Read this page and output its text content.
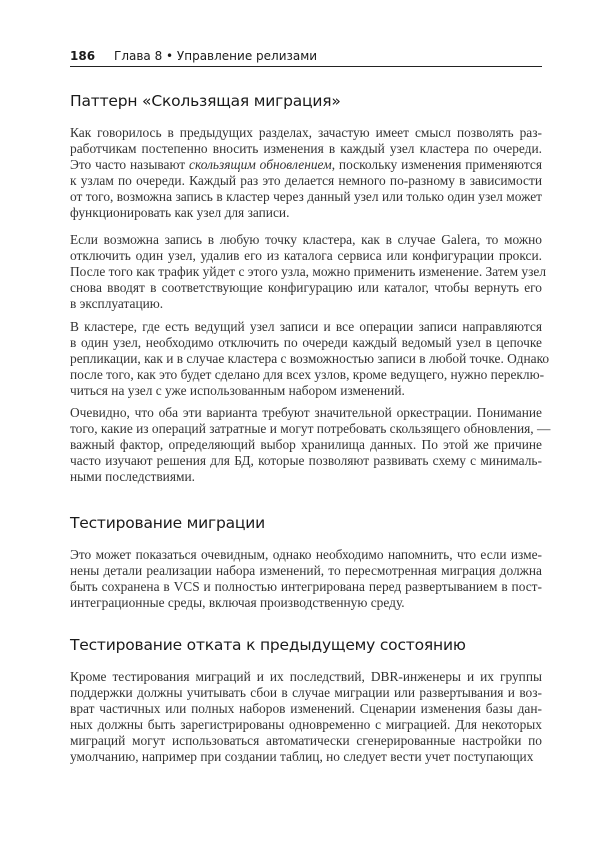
186 Глава 8 • Управление релизами
Паттерн «Скользящая миграция»
Как говорилось в предыдущих разделах, зачастую имеет смысл позволять раз-
работчикам постепенно вносить изменения в каждый узел кластера по очереди.
Это часто называют скользящим обновлением, поскольку изменения применяются
к узлам по очереди. Каждый раз это делается немного по-разному в зависимости
от того, возможна запись в кластер через данный узел или только один узел может
функционировать как узел для записи.
Если возможна запись в любую точку кластера, как в случае Galera, то можно
отключить один узел, удалив его из каталога сервиса или конфигурации прокси.
После того как трафик уйдет с этого узла, можно применить изменение. Затем узел
снова вводят в соответствующие конфигурацию или каталог, чтобы вернуть его
в эксплуатацию.
В кластере, где есть ведущий узел записи и все операции записи направляются
в один узел, необходимо отключить по очереди каждый ведомый узел в цепочке
репликации, как и в случае кластера с возможностью записи в любой точке. Однако
после того, как это будет сделано для всех узлов, кроме ведущего, нужно переклю-
читься на узел с уже использованным набором изменений.
Очевидно, что оба эти варианта требуют значительной оркестрации. Понимание
того, какие из операций затратные и могут потребовать скользящего обновления, —
важный фактор, определяющий выбор хранилища данных. По этой же причине
часто изучают решения для БД, которые позволяют развивать схему с минималь-
ными последствиями.
Тестирование миграции
Это может показаться очевидным, однако необходимо напомнить, что если изме-
нены детали реализации набора изменений, то пересмотренная миграция должна
быть сохранена в VCS и полностью интегрирована перед развертыванием в пост-
интеграционные среды, включая производственную среду.
Тестирование отката к предыдущему состоянию
Кроме тестирования миграций и их последствий, DBR-инженеры и их группы
поддержки должны учитывать сбои в случае миграции или развертывания и воз-
врат частичных или полных наборов изменений. Сценарии изменения базы дан-
ных должны быть зарегистрированы одновременно с миграцией. Для некоторых
миграций могут использоваться автоматически сгенерированные настройки по
умолчанию, например при создании таблиц, но следует вести учет поступающих
